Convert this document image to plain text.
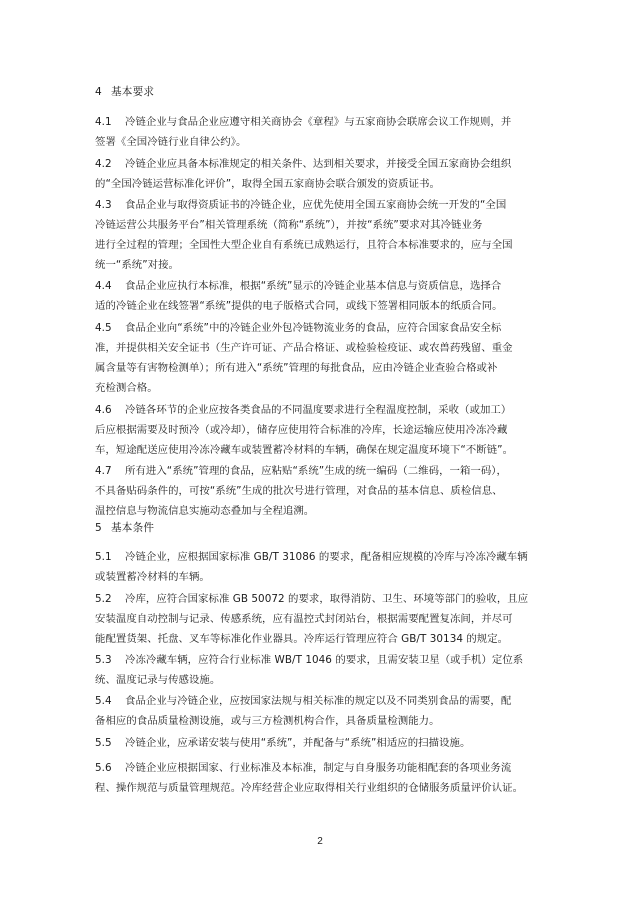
4 基本要求
4.1 冷链企业与食品企业应遵守相关商协会《章程》与五家商协会联席会议工作规则，并
签署《全国冷链行业自律公约》。
4.2 冷链企业应具备本标准规定的相关条件、达到相关要求，并接受全国五家商协会组织
的“全国冷链运营标准化评价”，取得全国五家商协会联合颁发的资质证书。
4.3 食品企业与取得资质证书的冷链企业，应优先使用全国五家商协会统一开发的“全国
冷链运营公共服务平台”相关管理系统（简称“系统”），并按“系统”要求对其冷链业务
进行全过程的管理；全国性大型企业自有系统已成熟运行，且符合本标准要求的，应与全国
统一“系统”对接。
4.4 食品企业应执行本标准，根据“系统”显示的冷链企业基本信息与资质信息，选择合
适的冷链企业在线签署“系统”提供的电子版格式合同，或线下签署相同版本的纸质合同。
4.5 食品企业向“系统”中的冷链企业外包冷链物流业务的食品，应符合国家食品安全标
准，并提供相关安全证书（生产许可证、产品合格证、或检验检疫证、或农兽药残留、重金
属含量等有害物检测单）；所有进入“系统”管理的每批食品，应由冷链企业查验合格或补
充检测合格。
4.6 冷链各环节的企业应按各类食品的不同温度要求进行全程温度控制，采收（或加工）
后应根据需要及时预冷（或冷却），储存应使用符合标准的冷库，长途运输应使用冷冻冷藏
车，短途配送应使用冷冻冷藏车或装置蓄冷材料的车辆，确保在规定温度环境下“不断链”。
4.7 所有进入“系统”管理的食品，应粘贴“系统”生成的统一编码（二维码，一箱一码），
不具备贴码条件的，可按“系统”生成的批次号进行管理，对食品的基本信息、质检信息、
温控信息与物流信息实施动态叠加与全程追溯。
5 基本条件
5.1 冷链企业，应根据国家标准 GB/T 31086 的要求，配备相应规模的冷库与冷冻冷藏车辆
或装置蓄冷材料的车辆。
5.2 冷库，应符合国家标准 GB 50072 的要求，取得消防、卫生、环境等部门的验收，且应
安装温度自动控制与记录、传感系统，应有温控式封闭站台，根据需要配置复冻间，并尽可
能配置货架、托盘、叉车等标准化作业器具。冷库运行管理应符合 GB/T 30134 的规定。
5.3 冷冻冷藏车辆，应符合行业标准 WB/T 1046 的要求，且需安装卫星（或手机）定位系
统、温度记录与传感设施。
5.4 食品企业与冷链企业，应按国家法规与相关标准的规定以及不同类别食品的需要，配
备相应的食品质量检测设施，或与三方检测机构合作，具备质量检测能力。
5.5 冷链企业，应承诺安装与使用“系统”，并配备与“系统”相适应的扫描设施。
5.6 冷链企业应根据国家、行业标准及本标准，制定与自身服务功能相配套的各项业务流
程、操作规范与质量管理规范。冷库经营企业应取得相关行业组织的仓储服务质量评价认证。
2
